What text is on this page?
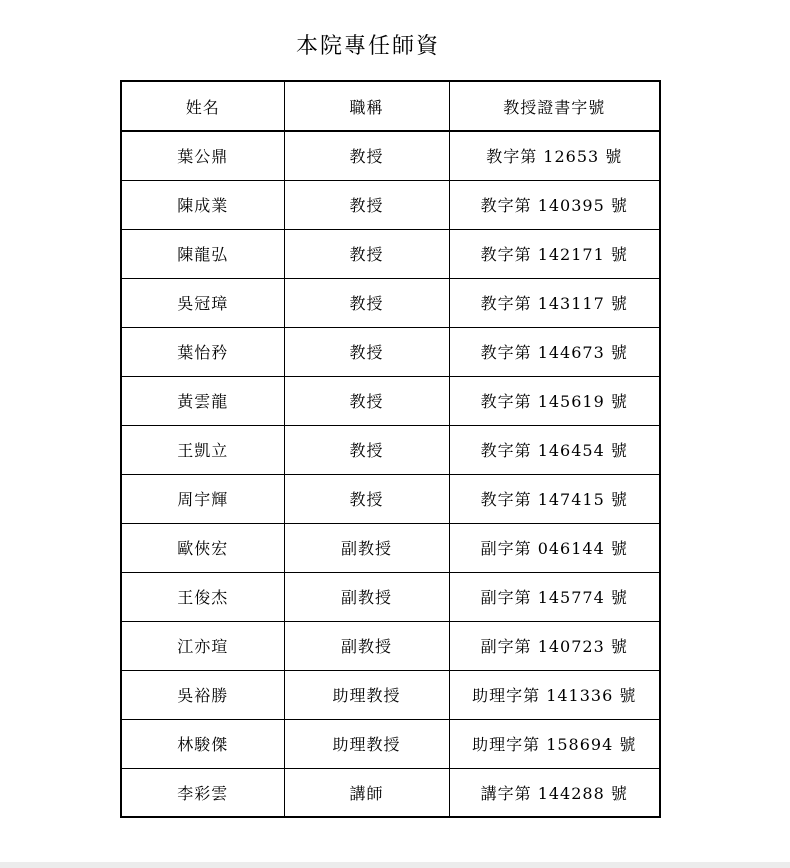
本院專任師資
姓名	職稱	教授證書字號
葉公鼎	教授	教字第 12653 號
陳成業	教授	教字第 140395 號
陳龍弘	教授	教字第 142171 號
吳冠璋	教授	教字第 143117 號
葉怡矜	教授	教字第 144673 號
黃雲龍	教授	教字第 145619 號
王凱立	教授	教字第 146454 號
周宇輝	教授	教字第 147415 號
歐俠宏	副教授	副字第 046144 號
王俊杰	副教授	副字第 145774 號
江亦瑄	副教授	副字第 140723 號
吳裕勝	助理教授	助理字第 141336 號
林駿傑	助理教授	助理字第 158694 號
李彩雲	講師	講字第 144288 號
